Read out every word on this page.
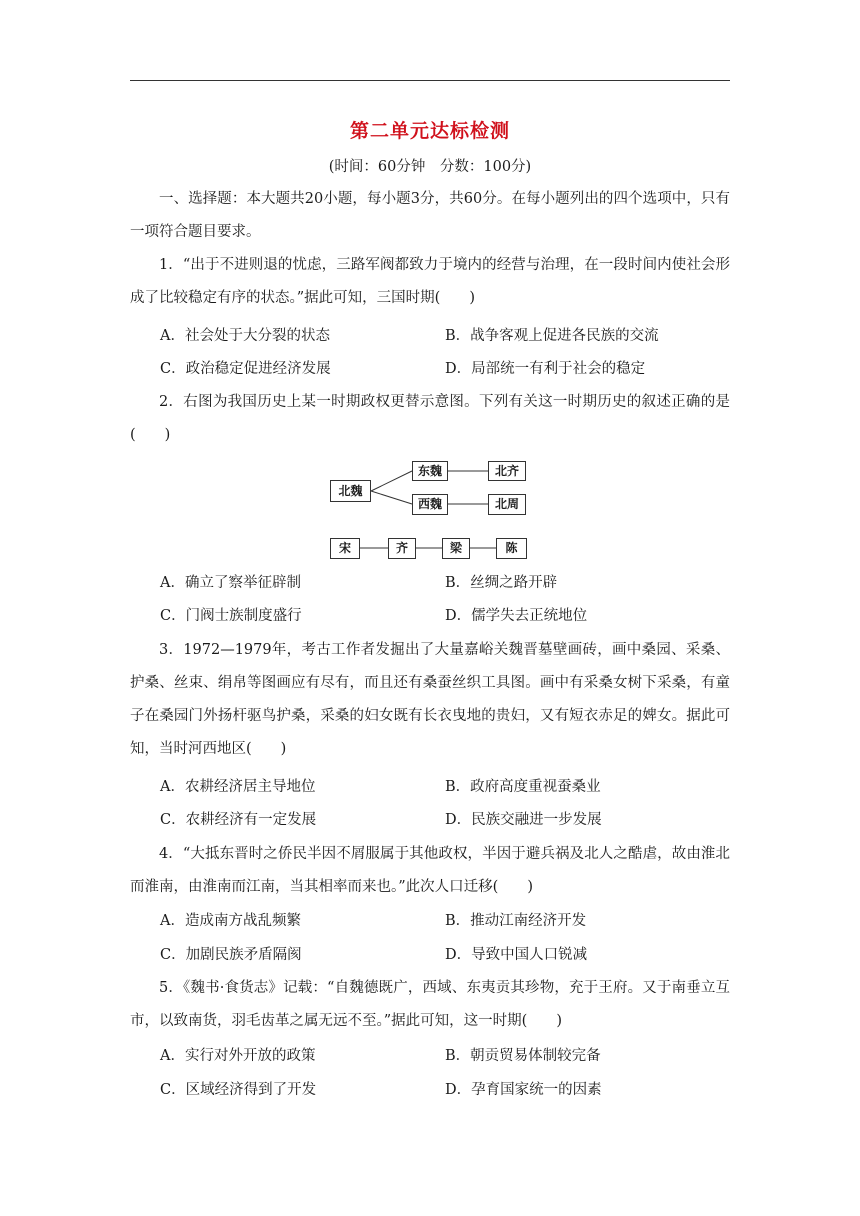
第二单元达标检测
(时间：60分钟　分数：100分)

一、选择题：本大题共20小题，每小题3分，共60分。在每小题列出的四个选项中，只有一项符合题目要求。

1．“出于不进则退的忧虑，三路军阀都致力于境内的经营与治理，在一段时间内使社会形成了比较稳定有序的状态。”据此可知，三国时期(　　)

A．社会处于大分裂的状态	B．战争客观上促进各民族的交流
C．政治稳定促进经济发展	D．局部统一有利于社会的稳定

2．右图为我国历史上某一时期政权更替示意图。下列有关这一时期历史的叙述正确的是(　　)

北魏
东魏
西魏
北齐
北周
宋	齐	梁	陈
A．确立了察举征辟制	B．丝绸之路开辟
C．门阀士族制度盛行	D．儒学失去正统地位

3．1972—1979年，考古工作者发掘出了大量嘉峪关魏晋墓壁画砖，画中桑园、采桑、护桑、丝束、绢帛等图画应有尽有，而且还有桑蚕丝织工具图。画中有采桑女树下采桑，有童子在桑园门外扬杆驱鸟护桑，采桑的妇女既有长衣曳地的贵妇，又有短衣赤足的婢女。据此可知，当时河西地区(　　)

A．农耕经济居主导地位	B．政府高度重视蚕桑业
C．农耕经济有一定发展	D．民族交融进一步发展

4．“大抵东晋时之侨民半因不屑服属于其他政权，半因于避兵祸及北人之酷虐，故由淮北而淮南，由淮南而江南，当其相率而来也。”此次人口迁移(　　)

A．造成南方战乱频繁	B．推动江南经济开发
C．加剧民族矛盾隔阂	D．导致中国人口锐减

5．《魏书·食货志》记载：“自魏德既广，西域、东夷贡其珍物，充于王府。又于南垂立互市，以致南货，羽毛齿革之属无远不至。”据此可知，这一时期(　　)

A．实行对外开放的政策	B．朝贡贸易体制较完备
C．区域经济得到了开发	D．孕育国家统一的因素
